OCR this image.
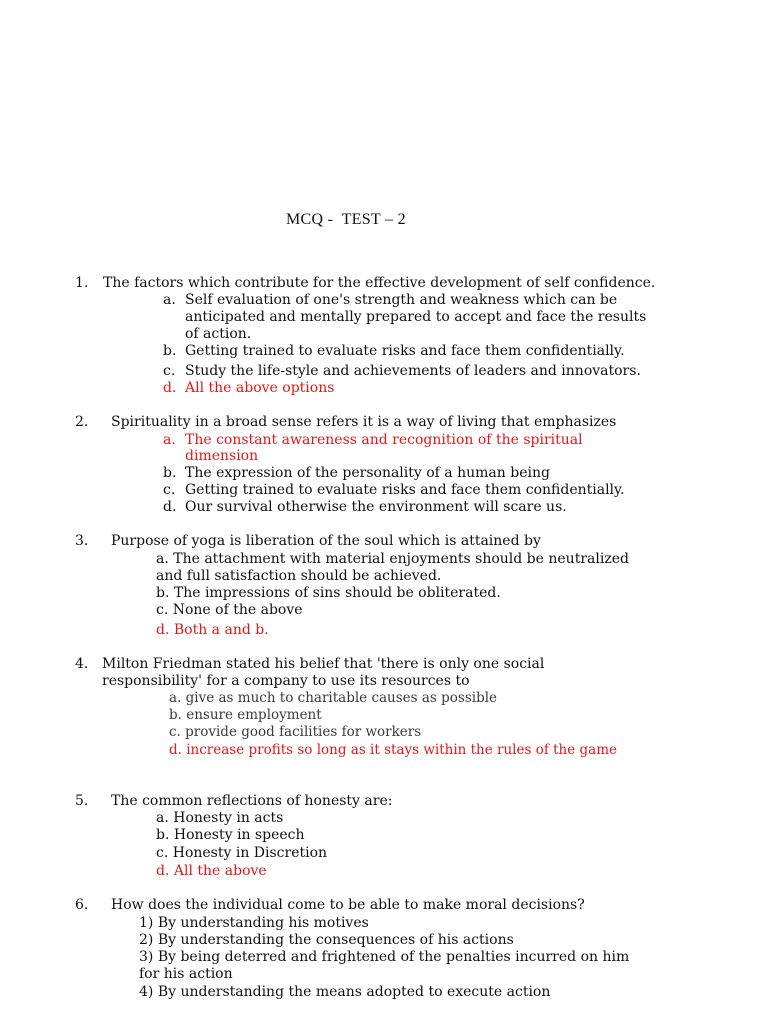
MCQ -  TEST – 2
1. The factors which contribute for the effective development of self confidence.
a. Self evaluation of one's strength and weakness which can be
anticipated and mentally prepared to accept and face the results
of action.
b. Getting trained to evaluate risks and face them confidentially.
c. Study the life-style and achievements of leaders and innovators.
d. All the above options
2. Spirituality in a broad sense refers it is a way of living that emphasizes
a. The constant awareness and recognition of the spiritual
dimension
b. The expression of the personality of a human being
c. Getting trained to evaluate risks and face them confidentially.
d. Our survival otherwise the environment will scare us.
3. Purpose of yoga is liberation of the soul which is attained by
a. The attachment with material enjoyments should be neutralized
and full satisfaction should be achieved.
b. The impressions of sins should be obliterated.
c. None of the above
d. Both a and b.
4. Milton Friedman stated his belief that 'there is only one social
responsibility' for a company to use its resources to
a. give as much to charitable causes as possible
b. ensure employment
c. provide good facilities for workers
d. increase profits so long as it stays within the rules of the game
5. The common reflections of honesty are:
a. Honesty in acts
b. Honesty in speech
c. Honesty in Discretion
d. All the above
6. How does the individual come to be able to make moral decisions?
1) By understanding his motives
2) By understanding the consequences of his actions
3) By being deterred and frightened of the penalties incurred on him
for his action
4) By understanding the means adopted to execute action
